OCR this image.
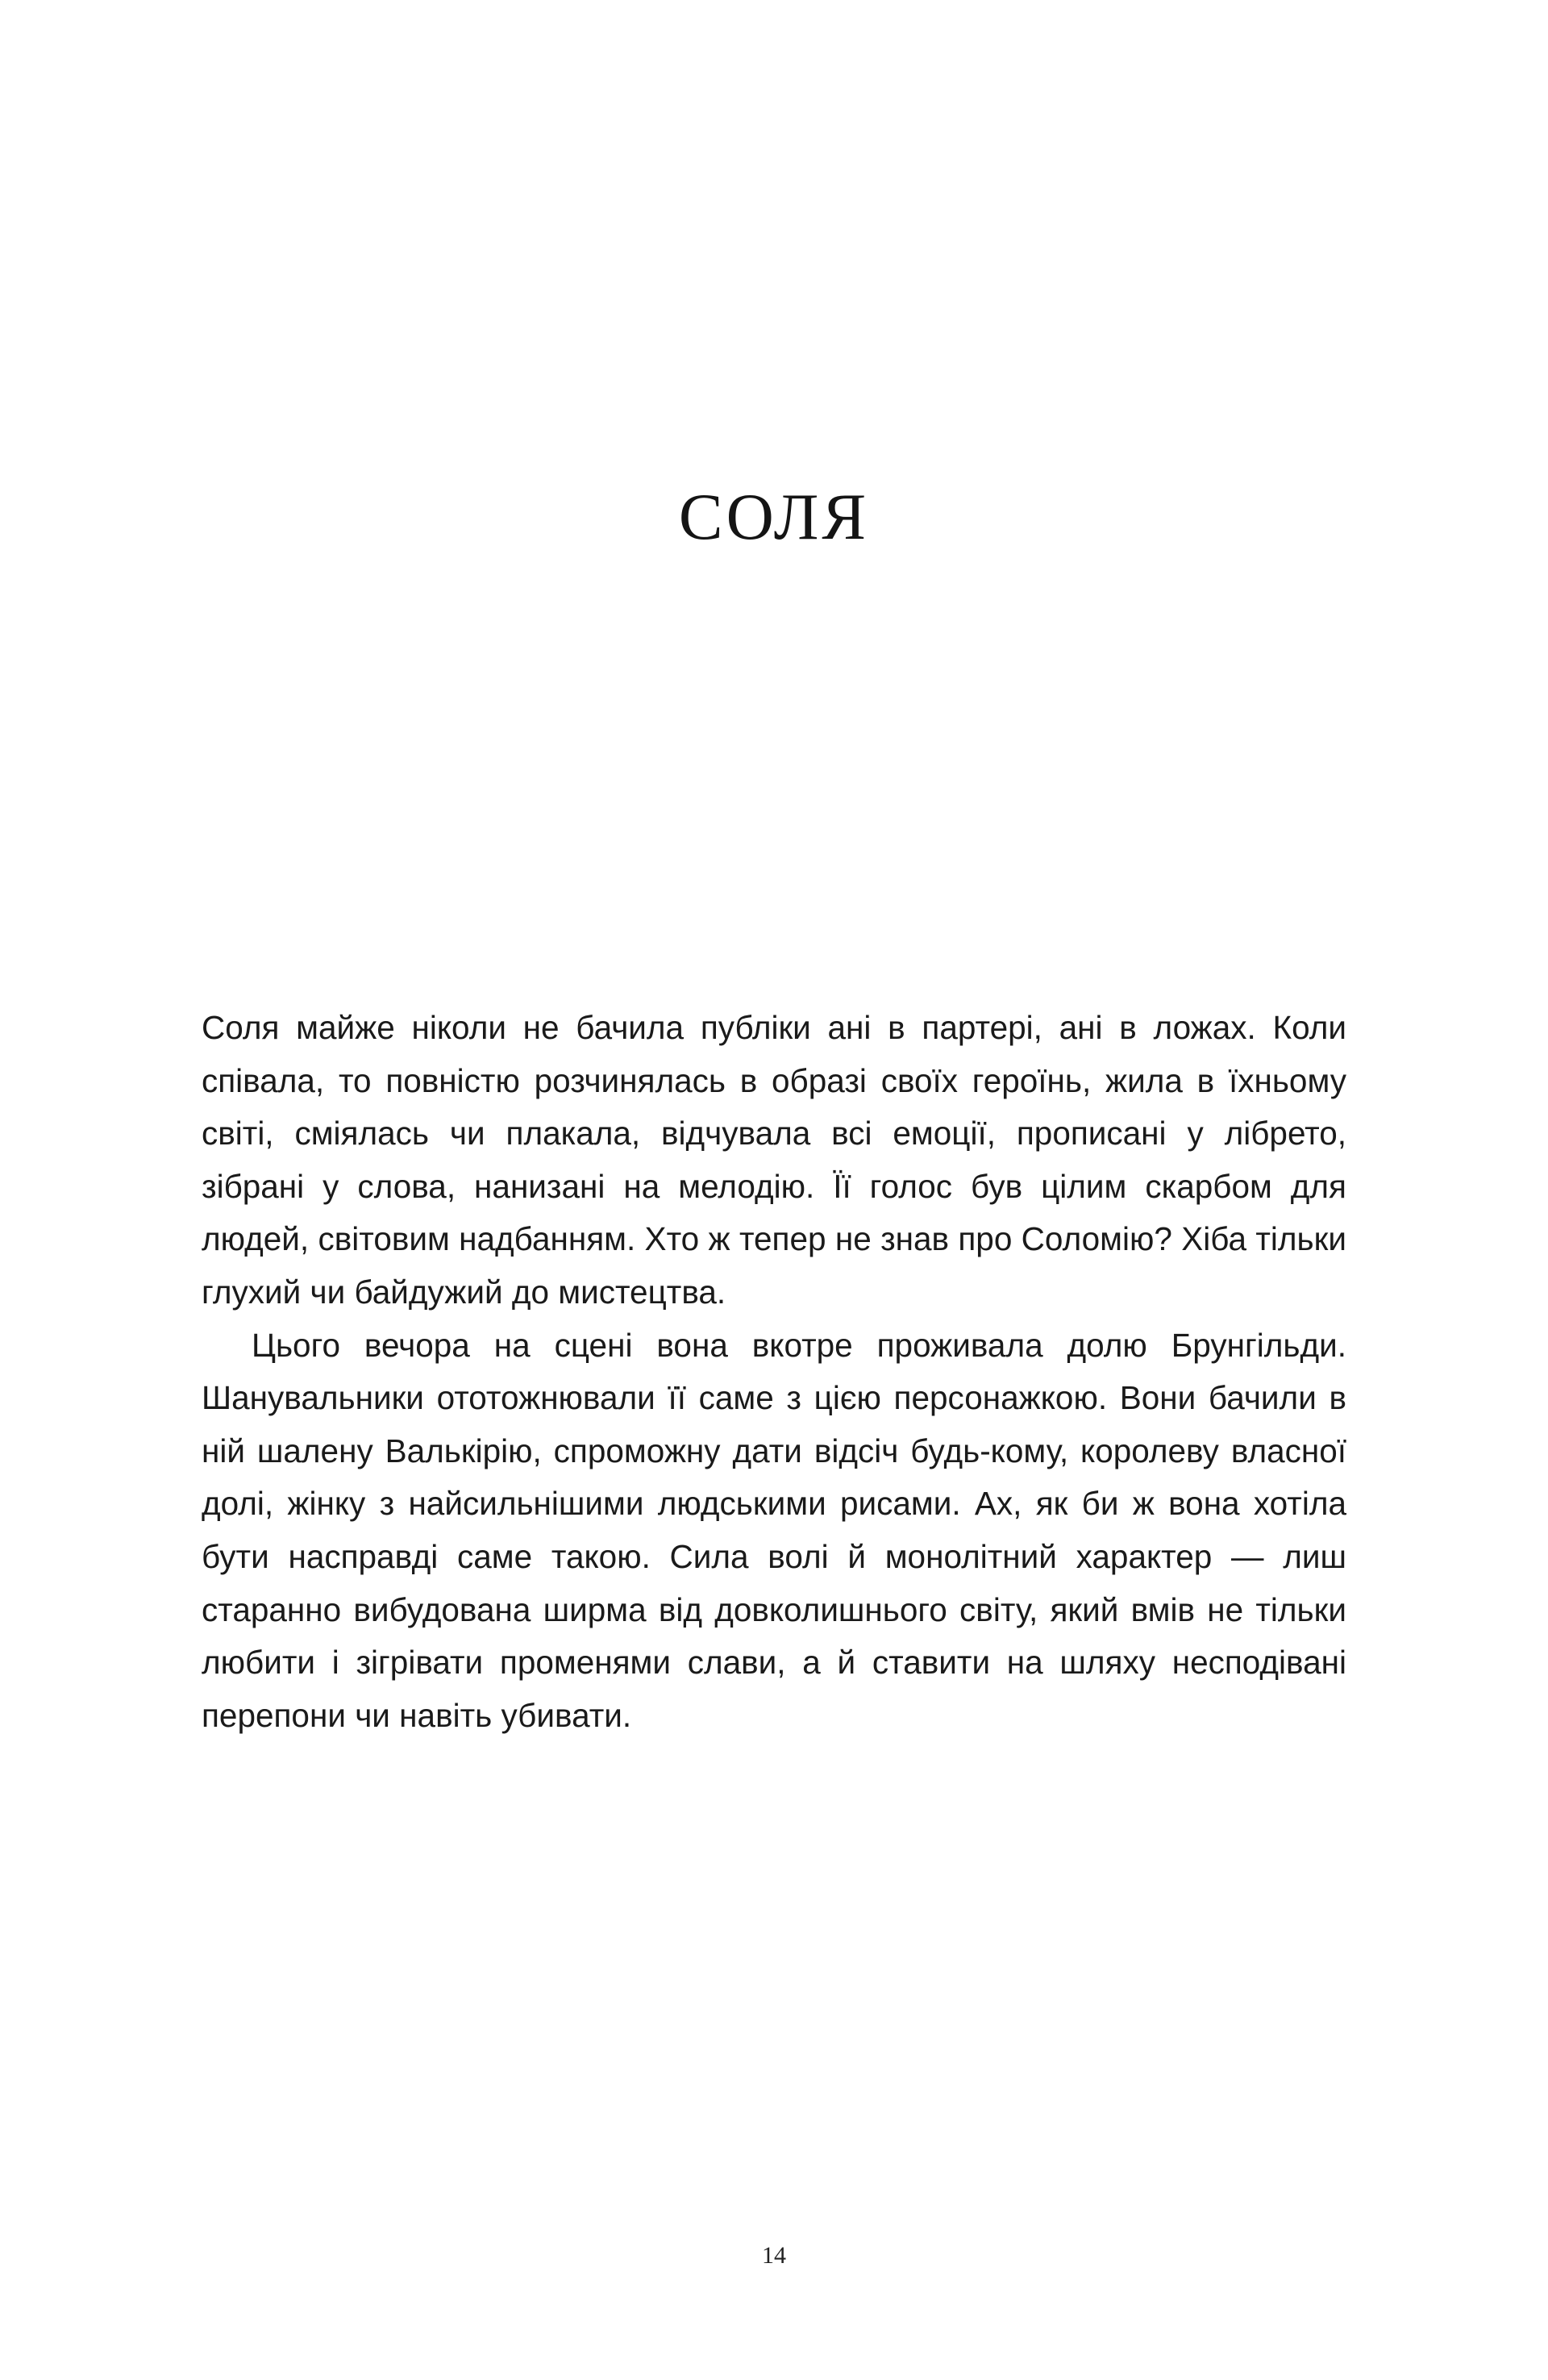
СОЛЯ

Соля майже ніколи не бачила публіки ані в партері, ані в ложах. Коли співала, то повністю розчинялась в образі своїх героїнь, жила в їхньому світі, сміялась чи плакала, відчувала всі емоції, прописані у лібрето, зібрані у слова, нанизані на мелодію. Її голос був цілим скарбом для людей, світовим надбанням. Хто ж тепер не знав про Соломію? Хіба тільки глухий чи байдужий до мистецтва.

Цього вечора на сцені вона вкотре проживала долю Брунгільди. Шанувальники ототожнювали її саме з цією персонажкою. Вони бачили в ній шалену Валькірію, спроможну дати відсіч будь-кому, королеву власної долі, жінку з найсильнішими людськими рисами. Ах, як би ж вона хотіла бути насправді саме такою. Сила волі й монолітний характер — лиш старанно вибудована ширма від довколишнього світу, який вмів не тільки любити і зігрівати променями слави, а й ставити на шляху несподівані перепони чи навіть убивати.

14
